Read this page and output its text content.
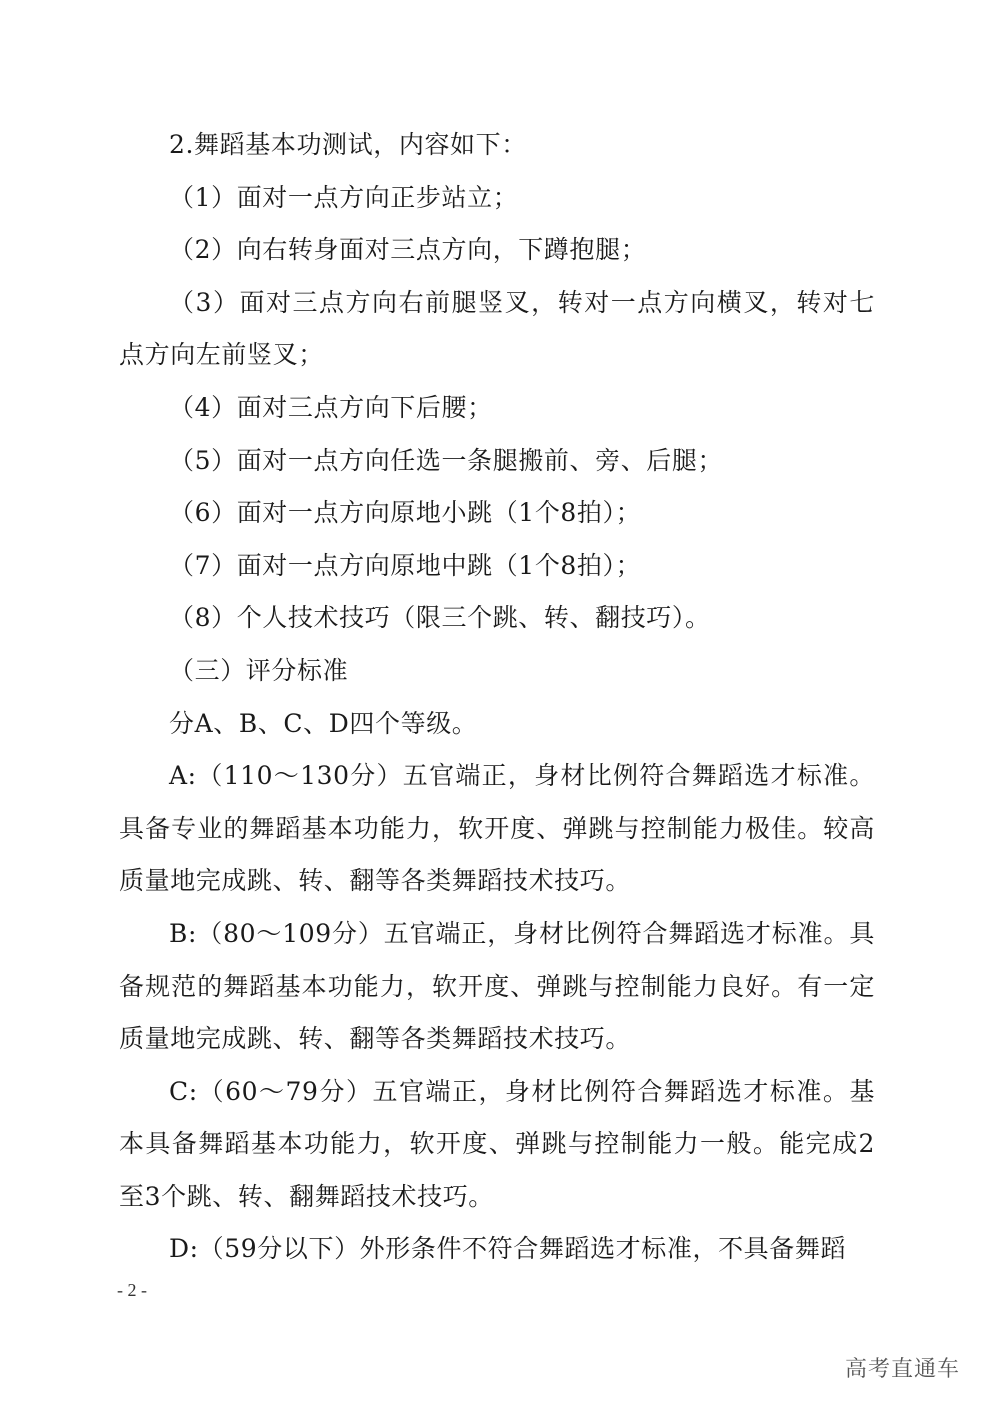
2.舞蹈基本功测试，内容如下：

（1）面对一点方向正步站立；

（2）向右转身面对三点方向，下蹲抱腿；

（3）面对三点方向右前腿竖叉，转对一点方向横叉，转对七点方向左前竖叉；

（4）面对三点方向下后腰；

（5）面对一点方向任选一条腿搬前、旁、后腿；

（6）面对一点方向原地小跳（1个8拍）；

（7）面对一点方向原地中跳（1个8拍）；

（8）个人技术技巧（限三个跳、转、翻技巧）。

（三）评分标准

分A、B、C、D四个等级。

A:（110～130分）五官端正，身材比例符合舞蹈选才标准。具备专业的舞蹈基本功能力，软开度、弹跳与控制能力极佳。较高质量地完成跳、转、翻等各类舞蹈技术技巧。

B:（80～109分）五官端正，身材比例符合舞蹈选才标准。具备规范的舞蹈基本功能力，软开度、弹跳与控制能力良好。有一定质量地完成跳、转、翻等各类舞蹈技术技巧。

C:（60～79分）五官端正，身材比例符合舞蹈选才标准。基本具备舞蹈基本功能力，软开度、弹跳与控制能力一般。能完成2至3个跳、转、翻舞蹈技术技巧。

D:（59分以下）外形条件不符合舞蹈选才标准，不具备舞蹈

- 2 -
高考直通车
